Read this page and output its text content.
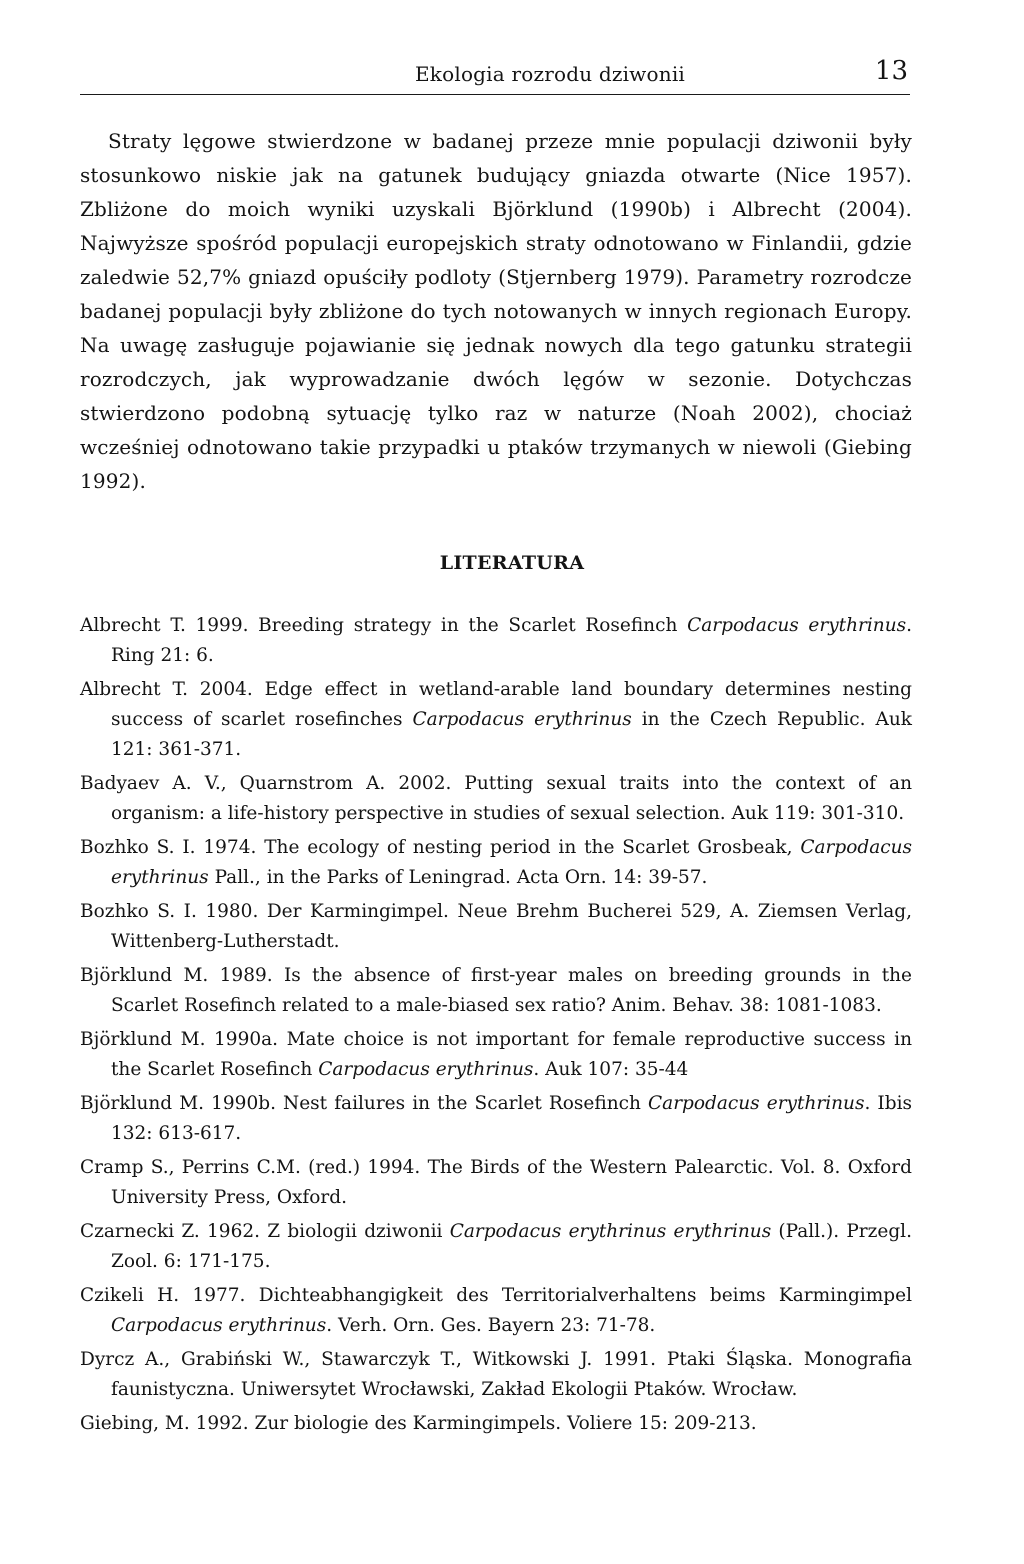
Ekologia rozrodu dziwonii	13

Straty lęgowe stwierdzone w badanej przeze mnie populacji dziwonii były stosunkowo niskie jak na gatunek budujący gniazda otwarte (Nice 1957). Zbliżone do moich wyniki uzyskali Björklund (1990b) i Albrecht (2004). Najwyższe spośród populacji europejskich straty odnotowano w Finlandii, gdzie zaledwie 52,7% gniazd opuściły podloty (Stjernberg 1979). Parametry rozrodcze badanej populacji były zbliżone do tych notowanych w innych regionach Europy. Na uwagę zasługuje pojawianie się jednak nowych dla tego gatunku strategii rozrodczych, jak wyprowadzanie dwóch lęgów w sezonie. Dotychczas stwierdzono podobną sytuację tylko raz w naturze (Noah 2002), chociaż wcześniej odnotowano takie przypadki u ptaków trzymanych w niewoli (Giebing 1992).

LITERATURA

Albrecht T. 1999. Breeding strategy in the Scarlet Rosefinch Carpodacus erythrinus. Ring 21: 6.

Albrecht T. 2004. Edge effect in wetland-arable land boundary determines nesting success of scarlet rosefinches Carpodacus erythrinus in the Czech Republic. Auk 121: 361-371.

Badyaev A. V., Quarnstrom A. 2002. Putting sexual traits into the context of an organism: a life-history perspective in studies of sexual selection. Auk 119: 301-310.

Bozhko S. I. 1974. The ecology of nesting period in the Scarlet Grosbeak, Carpodacus erythrinus Pall., in the Parks of Leningrad. Acta Orn. 14: 39-57.

Bozhko S. I. 1980. Der Karmingimpel. Neue Brehm Bucherei 529, A. Ziemsen Verlag, Wittenberg-Lutherstadt.

Björklund M. 1989. Is the absence of first-year males on breeding grounds in the Scarlet Rosefinch related to a male-biased sex ratio? Anim. Behav. 38: 1081-1083.

Björklund M. 1990a. Mate choice is not important for female reproductive success in the Scarlet Rosefinch Carpodacus erythrinus. Auk 107: 35-44

Björklund M. 1990b. Nest failures in the Scarlet Rosefinch Carpodacus erythrinus. Ibis 132: 613-617.

Cramp S., Perrins C.M. (red.) 1994. The Birds of the Western Palearctic. Vol. 8. Oxford University Press, Oxford.

Czarnecki Z. 1962. Z biologii dziwonii Carpodacus erythrinus erythrinus (Pall.). Przegl. Zool. 6: 171-175.

Czikeli H. 1977. Dichteabhangigkeit des Territorialverhaltens beims Karmingimpel Carpodacus erythrinus. Verh. Orn. Ges. Bayern 23: 71-78.

Dyrcz A., Grabiński W., Stawarczyk T., Witkowski J. 1991. Ptaki Śląska. Monografia faunistyczna. Uniwersytet Wrocławski, Zakład Ekologii Ptaków. Wrocław.

Giebing, M. 1992. Zur biologie des Karmingimpels. Voliere 15: 209-213.
